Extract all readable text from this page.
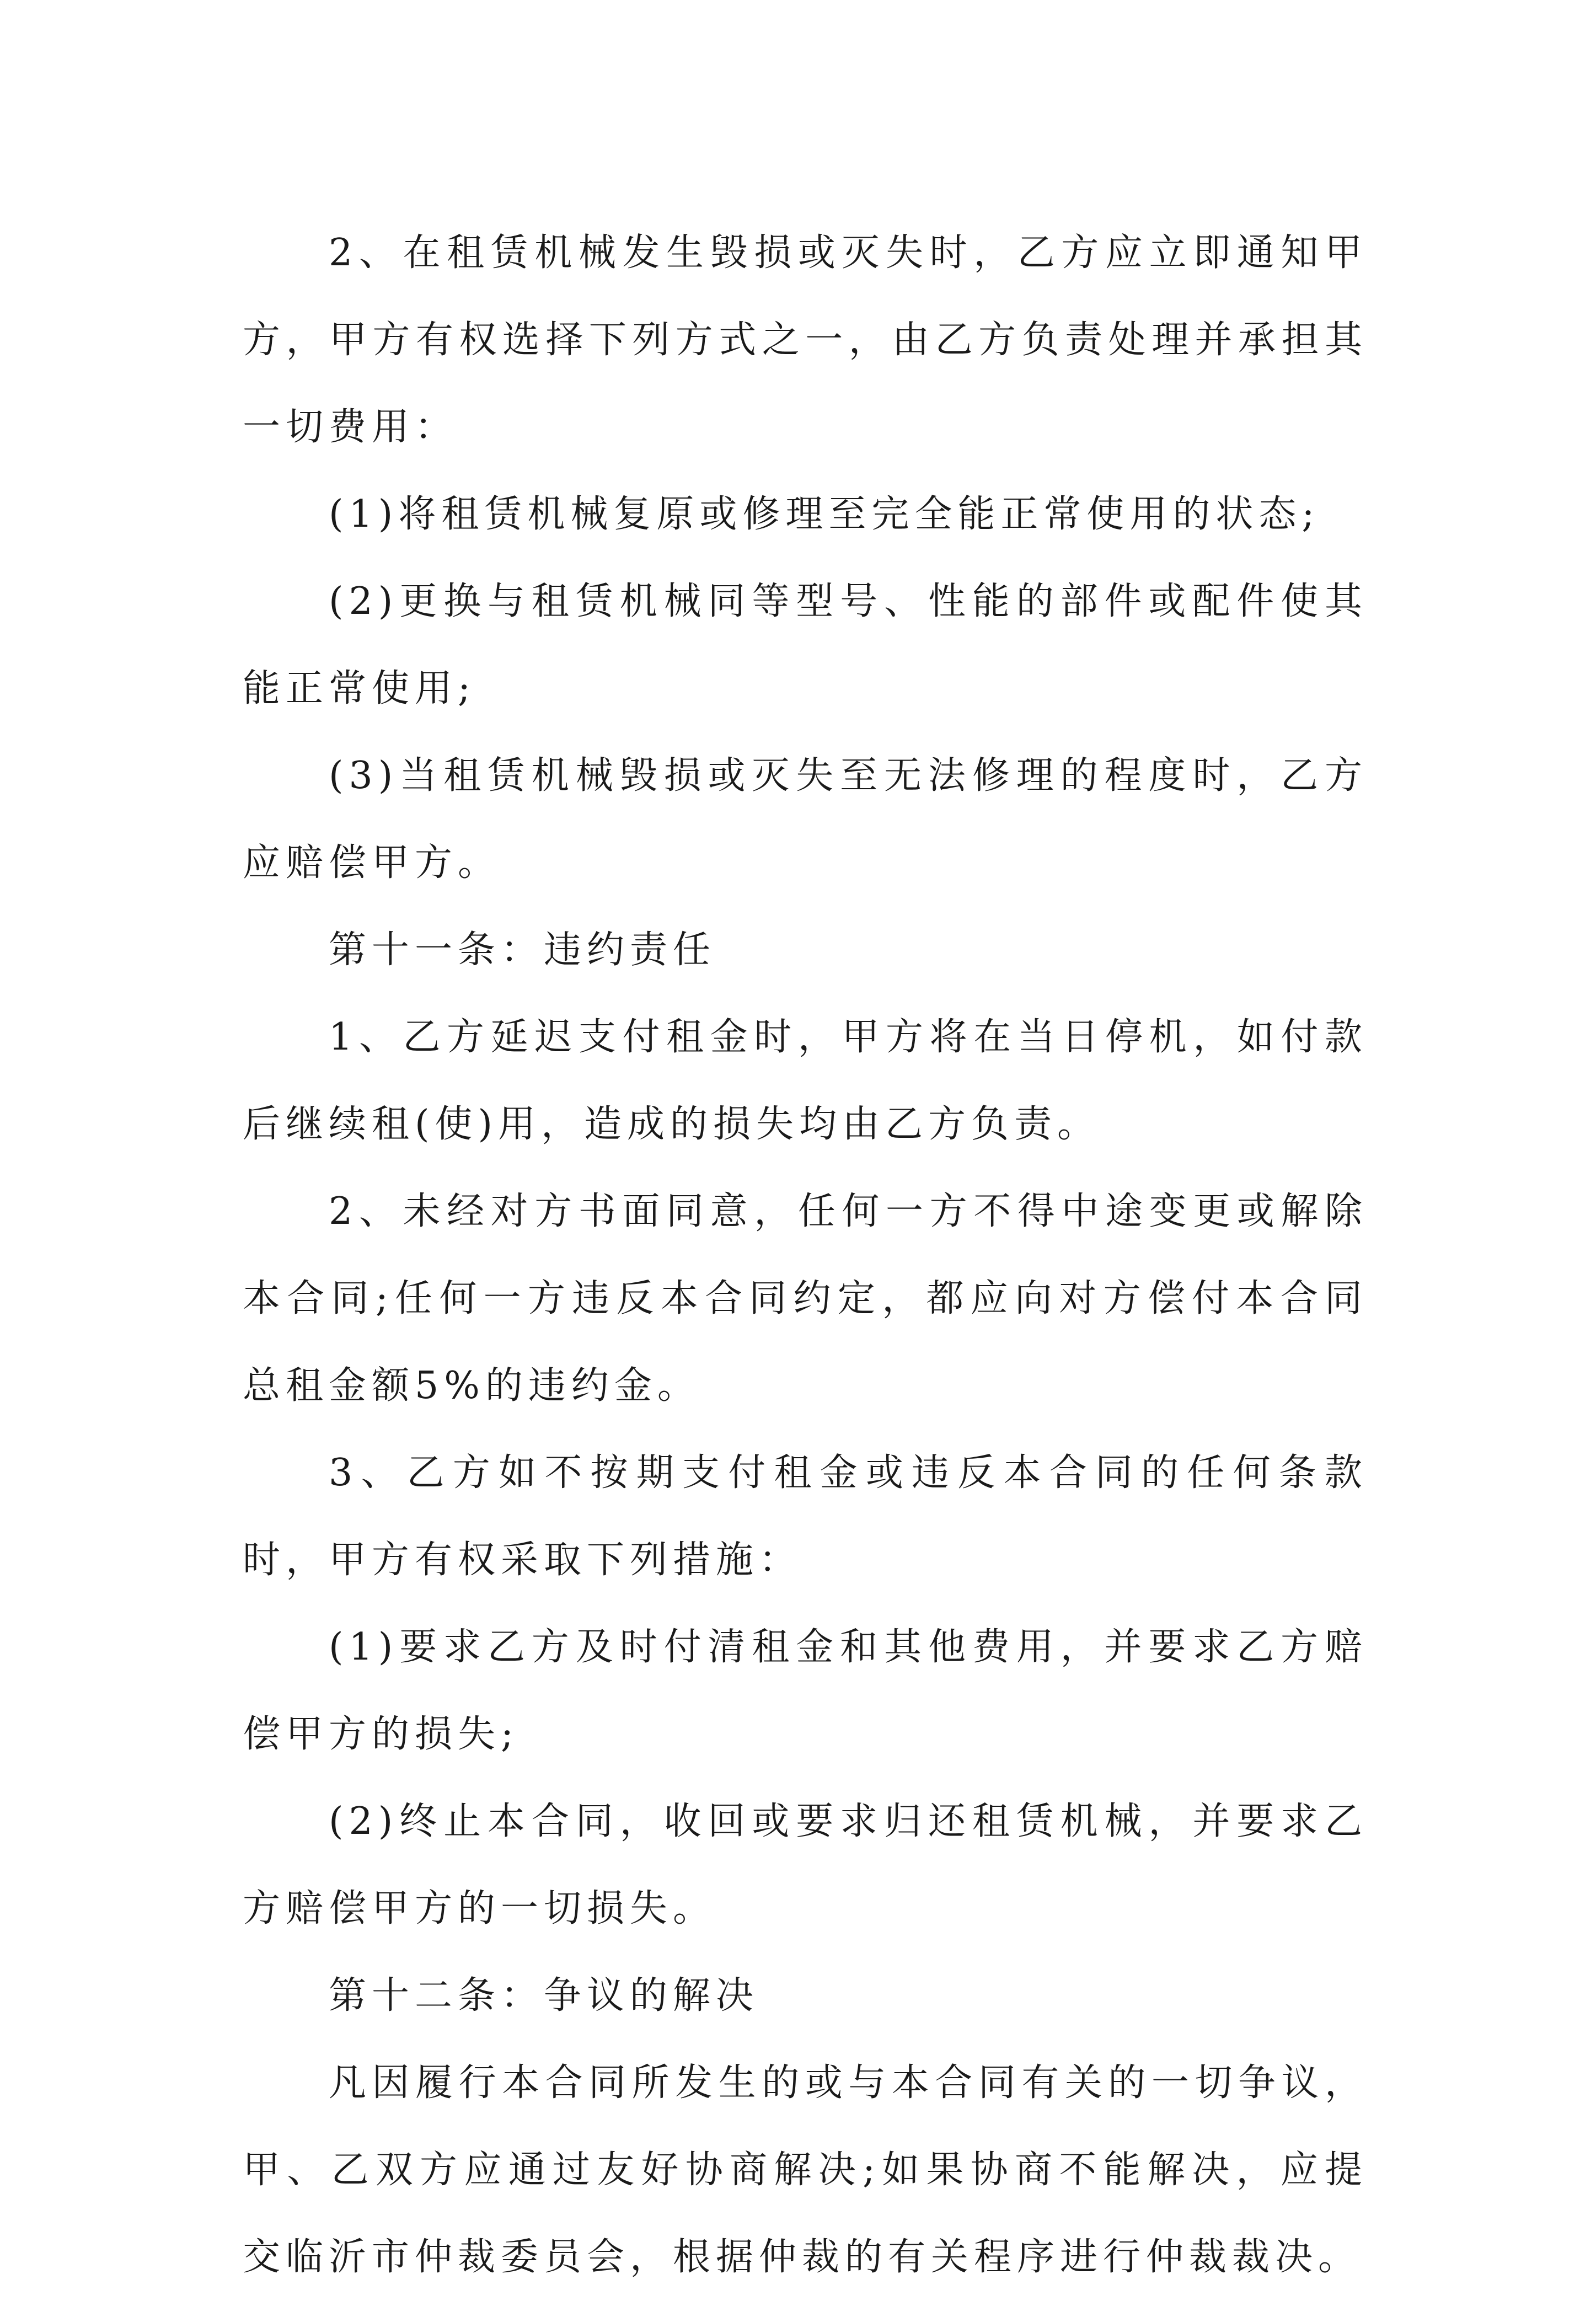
2、在租赁机械发生毁损或灭失时，乙方应立即通知甲方，甲方有权选择下列方式之一，由乙方负责处理并承担其一切费用：

(1)将租赁机械复原或修理至完全能正常使用的状态;

(2)更换与租赁机械同等型号、性能的部件或配件使其能正常使用;

(3)当租赁机械毁损或灭失至无法修理的程度时，乙方应赔偿甲方。

第十一条：违约责任

1、乙方延迟支付租金时，甲方将在当日停机，如付款后继续租(使)用，造成的损失均由乙方负责。

2、未经对方书面同意，任何一方不得中途变更或解除本合同;任何一方违反本合同约定，都应向对方偿付本合同总租金额5%的违约金。

3、乙方如不按期支付租金或违反本合同的任何条款时，甲方有权采取下列措施：

(1)要求乙方及时付清租金和其他费用，并要求乙方赔偿甲方的损失;

(2)终止本合同，收回或要求归还租赁机械，并要求乙方赔偿甲方的一切损失。

第十二条：争议的解决

凡因履行本合同所发生的或与本合同有关的一切争议，甲、乙双方应通过友好协商解决;如果协商不能解决，应提交临沂市仲裁委员会，根据仲裁的有关程序进行仲裁裁决。
